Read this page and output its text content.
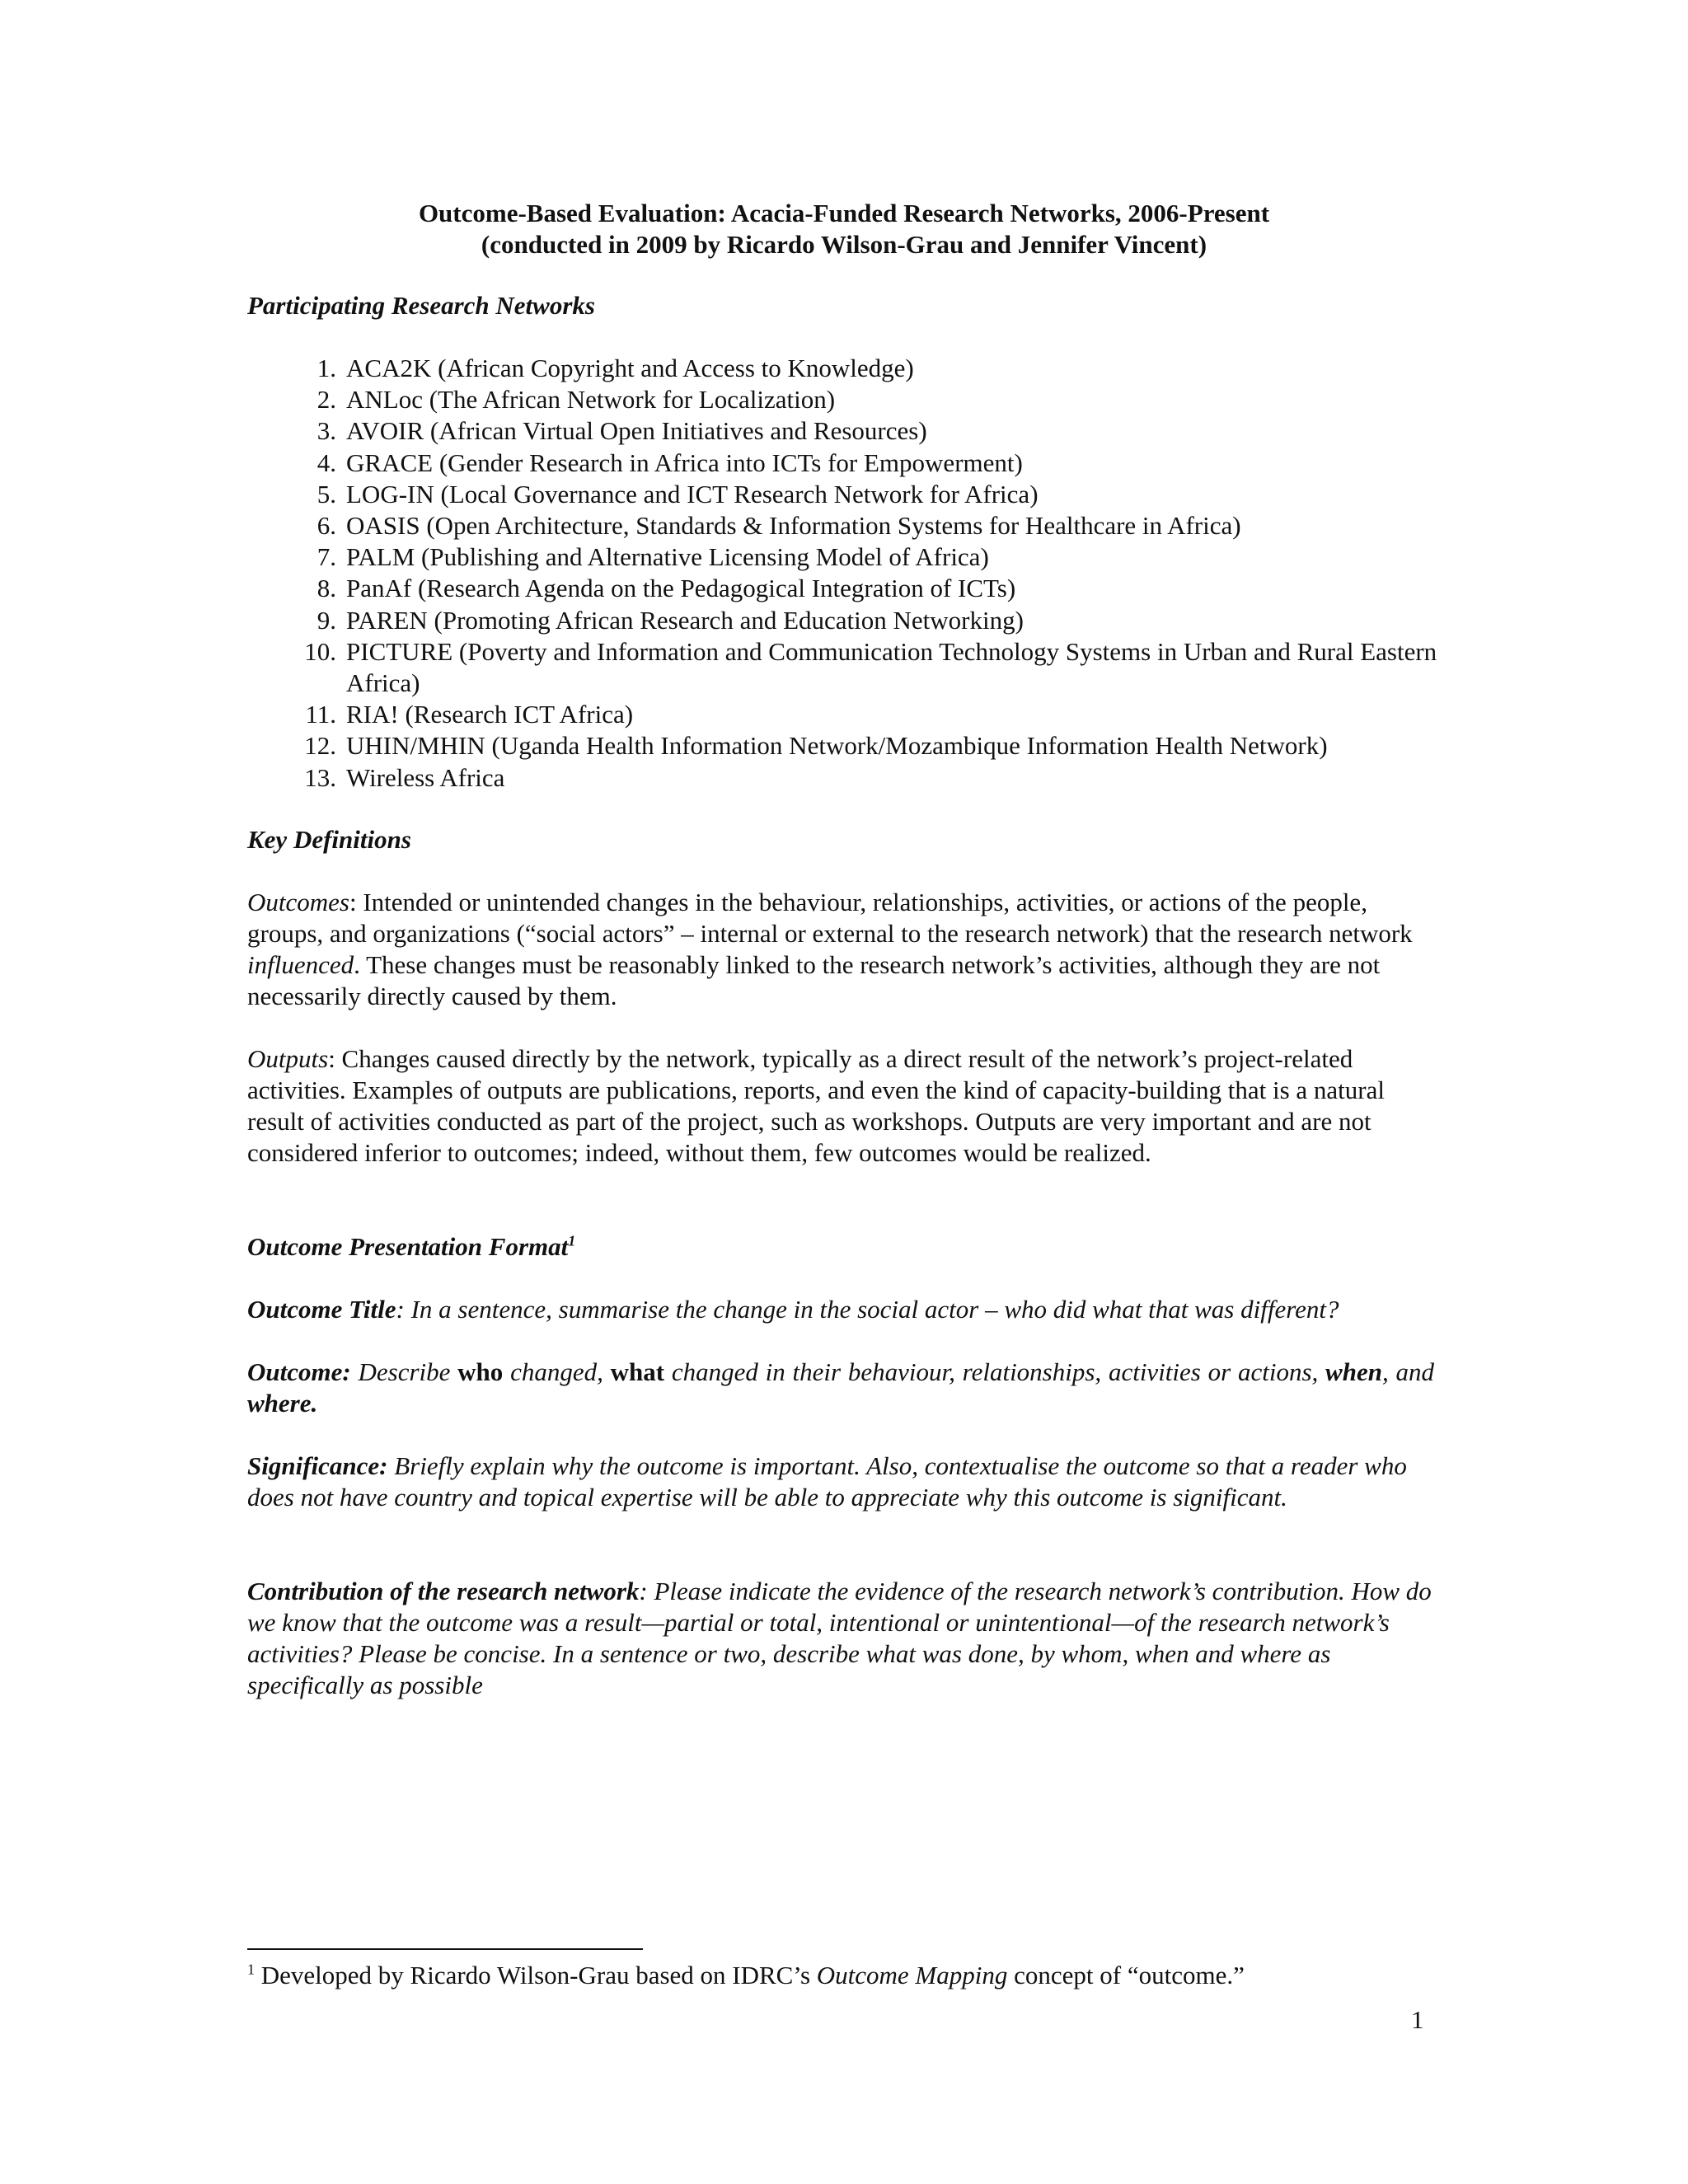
Outcome-Based Evaluation: Acacia-Funded Research Networks, 2006-Present
(conducted in 2009 by Ricardo Wilson-Grau and Jennifer Vincent)
Participating Research Networks
1. ACA2K (African Copyright and Access to Knowledge)
2. ANLoc (The African Network for Localization)
3. AVOIR (African Virtual Open Initiatives and Resources)
4. GRACE (Gender Research in Africa into ICTs for Empowerment)
5. LOG-IN (Local Governance and ICT Research Network for Africa)
6. OASIS (Open Architecture, Standards & Information Systems for Healthcare in Africa)
7. PALM (Publishing and Alternative Licensing Model of Africa)
8. PanAf (Research Agenda on the Pedagogical Integration of ICTs)
9. PAREN (Promoting African Research and Education Networking)
10. PICTURE (Poverty and Information and Communication Technology Systems in Urban and Rural Eastern Africa)
11. RIA! (Research ICT Africa)
12. UHIN/MHIN (Uganda Health Information Network/Mozambique Information Health Network)
13. Wireless Africa
Key Definitions
Outcomes: Intended or unintended changes in the behaviour, relationships, activities, or actions of the people, groups, and organizations (“social actors” – internal or external to the research network) that the research network influenced. These changes must be reasonably linked to the research network’s activities, although they are not necessarily directly caused by them.
Outputs: Changes caused directly by the network, typically as a direct result of the network’s project-related activities. Examples of outputs are publications, reports, and even the kind of capacity-building that is a natural result of activities conducted as part of the project, such as workshops. Outputs are very important and are not considered inferior to outcomes; indeed, without them, few outcomes would be realized.
Outcome Presentation Format$^1$
Outcome Title: In a sentence, summarise the change in the social actor – who did what that was different?
Outcome: Describe who changed, what changed in their behaviour, relationships, activities or actions, when, and where.
Significance: Briefly explain why the outcome is important. Also, contextualise the outcome so that a reader who does not have country and topical expertise will be able to appreciate why this outcome is significant.
Contribution of the research network: Please indicate the evidence of the research network’s contribution. How do we know that the outcome was a result—partial or total, intentional or unintentional—of the research network’s activities? Please be concise. In a sentence or two, describe what was done, by whom, when and where as specifically as possible
$^1$ Developed by Ricardo Wilson-Grau based on IDRC’s Outcome Mapping concept of “outcome.”
1
